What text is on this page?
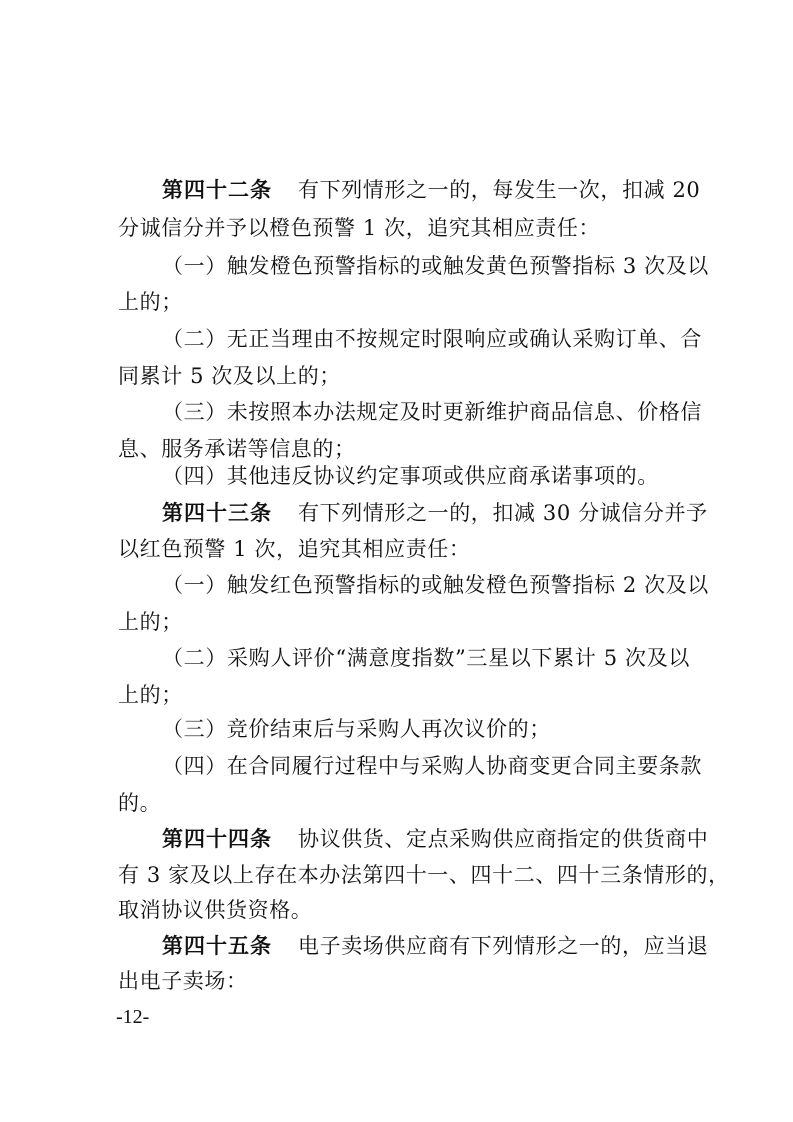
第四十二条 有下列情形之一的，每发生一次，扣减 20
分诚信分并予以橙色预警 1 次，追究其相应责任：
（一）触发橙色预警指标的或触发黄色预警指标 3 次及以
上的；
（二）无正当理由不按规定时限响应或确认采购订单、合
同累计 5 次及以上的；
（三）未按照本办法规定及时更新维护商品信息、价格信
息、服务承诺等信息的；
（四）其他违反协议约定事项或供应商承诺事项的。
第四十三条 有下列情形之一的，扣减 30 分诚信分并予
以红色预警 1 次，追究其相应责任：
（一）触发红色预警指标的或触发橙色预警指标 2 次及以
上的；
（二）采购人评价“满意度指数”三星以下累计 5 次及以
上的；
（三）竞价结束后与采购人再次议价的；
（四）在合同履行过程中与采购人协商变更合同主要条款
的。
第四十四条 协议供货、定点采购供应商指定的供货商中
有 3 家及以上存在本办法第四十一、四十二、四十三条情形的，
取消协议供货资格。
第四十五条 电子卖场供应商有下列情形之一的，应当退
出电子卖场：
-12-
